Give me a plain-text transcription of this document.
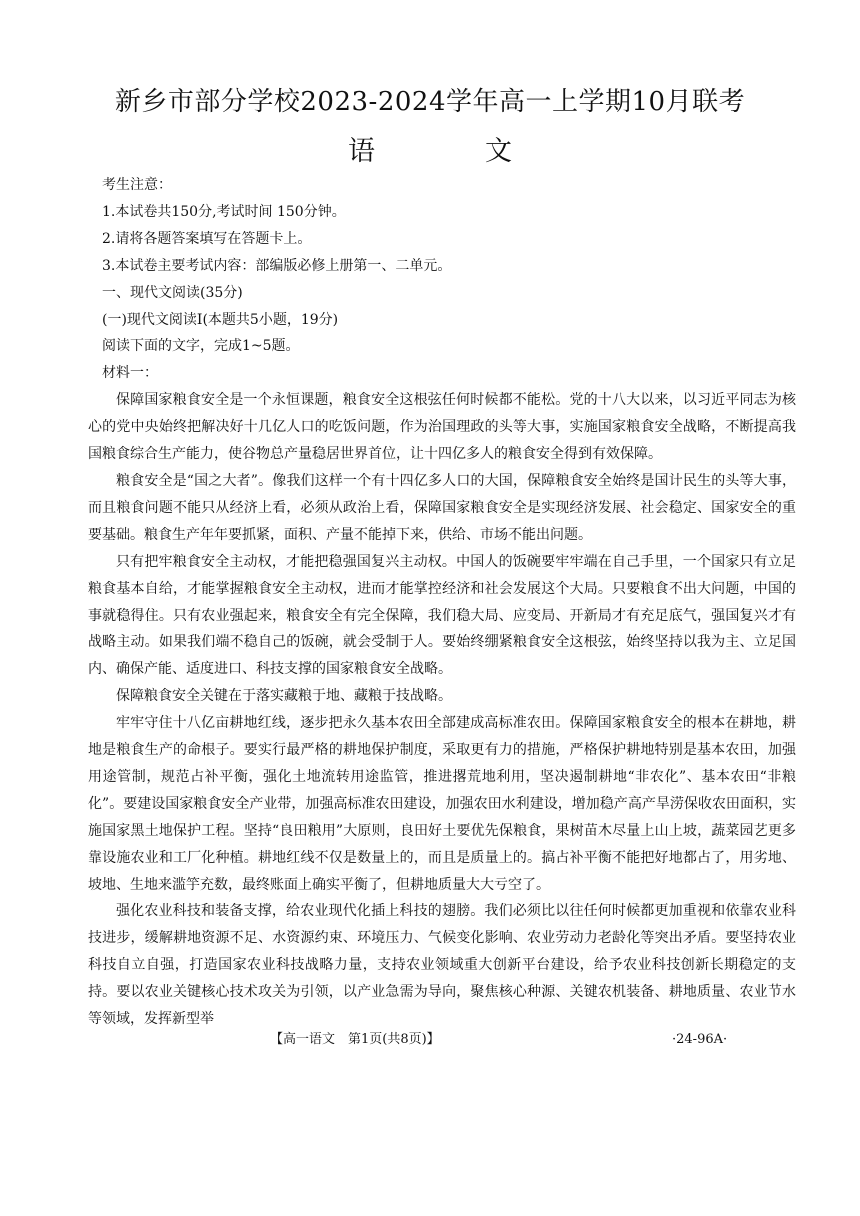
新乡市部分学校2023-2024学年高一上学期10月联考
语	文

考生注意：

1.本试卷共150分,考试时间 150分钟。

2.请将各题答案填写在答题卡上。

3.本试卷主要考试内容：部编版必修上册第一、二单元。

一、现代文阅读(35分)

(一)现代文阅读Ⅰ(本题共5小题，19分)

阅读下面的文字，完成1~5题。

材料一：

保障国家粮食安全是一个永恒课题，粮食安全这根弦任何时候都不能松。党的十八大以来，以习近平同志为核心的党中央始终把解决好十几亿人口的吃饭问题，作为治国理政的头等大事，实施国家粮食安全战略，不断提高我国粮食综合生产能力，使谷物总产量稳居世界首位，让十四亿多人的粮食安全得到有效保障。

粮食安全是“国之大者”。像我们这样一个有十四亿多人口的大国，保障粮食安全始终是国计民生的头等大事，而且粮食问题不能只从经济上看，必须从政治上看，保障国家粮食安全是实现经济发展、社会稳定、国家安全的重要基础。粮食生产年年要抓紧，面积、产量不能掉下来，供给、市场不能出问题。

只有把牢粮食安全主动权，才能把稳强国复兴主动权。中国人的饭碗要牢牢端在自己手里，一个国家只有立足粮食基本自给，才能掌握粮食安全主动权，进而才能掌控经济和社会发展这个大局。只要粮食不出大问题，中国的事就稳得住。只有农业强起来，粮食安全有完全保障，我们稳大局、应变局、开新局才有充足底气，强国复兴才有战略主动。如果我们端不稳自己的饭碗，就会受制于人。要始终绷紧粮食安全这根弦，始终坚持以我为主、立足国内、确保产能、适度进口、科技支撑的国家粮食安全战略。

保障粮食安全关键在于落实藏粮于地、藏粮于技战略。

牢牢守住十八亿亩耕地红线，逐步把永久基本农田全部建成高标准农田。保障国家粮食安全的根本在耕地，耕地是粮食生产的命根子。要实行最严格的耕地保护制度，采取更有力的措施，严格保护耕地特别是基本农田，加强用途管制，规范占补平衡，强化土地流转用途监管，推进撂荒地利用，坚决遏制耕地“非农化”、基本农田“非粮化”。要建设国家粮食安全产业带，加强高标准农田建设，加强农田水利建设，增加稳产高产旱涝保收农田面积，实施国家黑土地保护工程。坚持“良田粮用”大原则，良田好土要优先保粮食，果树苗木尽量上山上坡，蔬菜园艺更多靠设施农业和工厂化种植。耕地红线不仅是数量上的，而且是质量上的。搞占补平衡不能把好地都占了，用劣地、坡地、生地来滥竽充数，最终账面上确实平衡了，但耕地质量大大亏空了。

强化农业科技和装备支撑，给农业现代化插上科技的翅膀。我们必须比以往任何时候都更加重视和依靠农业科技进步，缓解耕地资源不足、水资源约束、环境压力、气候变化影响、农业劳动力老龄化等突出矛盾。要坚持农业科技自立自强，打造国家农业科技战略力量，支持农业领域重大创新平台建设，给予农业科技创新长期稳定的支持。要以农业关键核心技术攻关为引领，以产业急需为导向，聚焦核心种源、关键农机装备、耕地质量、农业节水等领域，发挥新型举

【高一语文　第1页(共8页)】	·24-96A·
